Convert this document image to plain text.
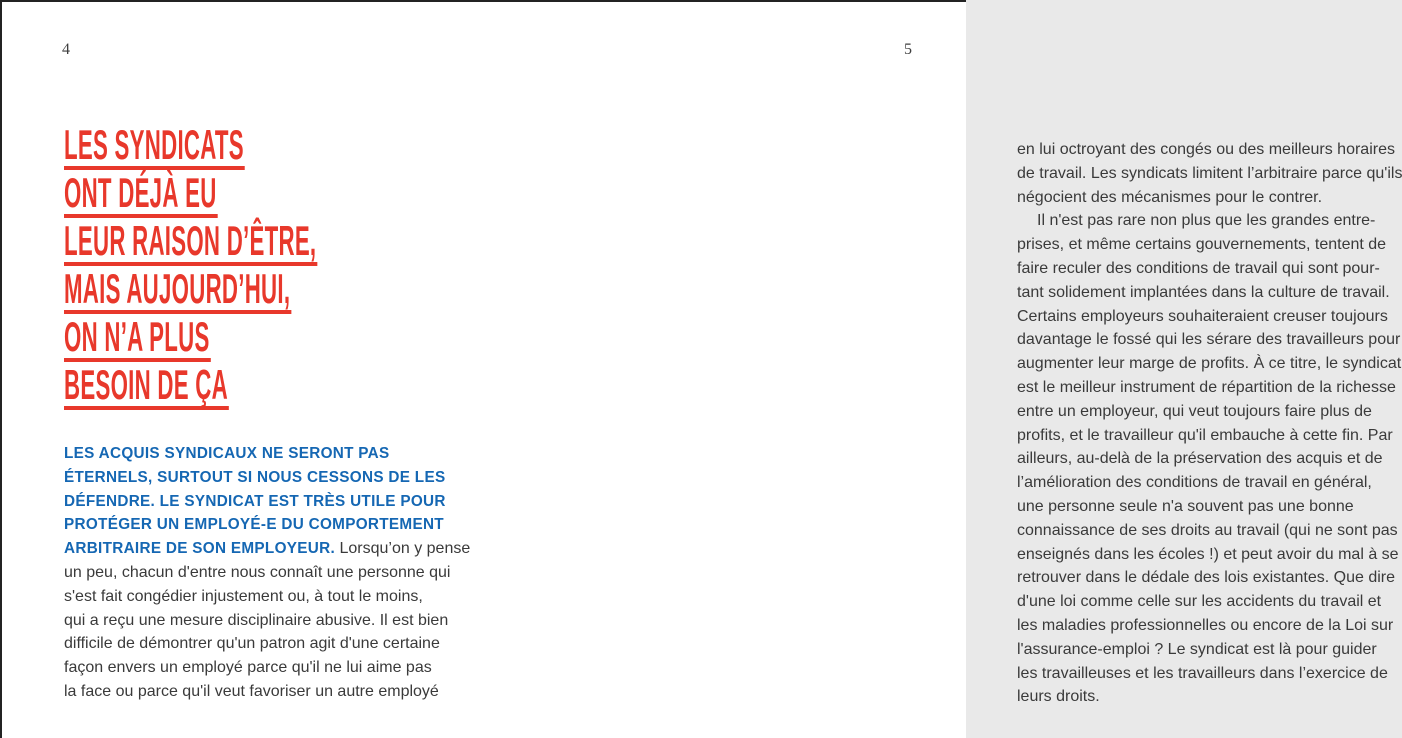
4
LES SYNDICATS
ONT DÉJÀ EU
LEUR RAISON D’ÊTRE,
MAIS AUJOURD’HUI,
ON N’A PLUS
BESOIN DE ÇA
LES ACQUIS SYNDICAUX NE SERONT PAS
ÉTERNELS, SURTOUT SI NOUS CESSONS DE LES
DÉFENDRE. LE SYNDICAT EST TRÈS UTILE POUR
PROTÉGER UN EMPLOYÉ-E DU COMPORTEMENT
ARBITRAIRE DE SON EMPLOYEUR. Lorsqu’on y pense
un peu, chacun d'entre nous connaît une personne qui
s'est fait congédier injustement ou, à tout le moins,
qui a reçu une mesure disciplinaire abusive. Il est bien
difficile de démontrer qu'un patron agit d'une certaine
façon envers un employé parce qu'il ne lui aime pas
la face ou parce qu'il veut favoriser un autre employé
5
en lui octroyant des congés ou des meilleurs horaires
de travail. Les syndicats limitent l’arbitraire parce qu'ils
négocient des mécanismes pour le contrer.
Il n'est pas rare non plus que les grandes entre-
prises, et même certains gouvernements, tentent de
faire reculer des conditions de travail qui sont pour-
tant solidement implantées dans la culture de travail.
Certains employeurs souhaiteraient creuser toujours
davantage le fossé qui les sérare des travailleurs pour
augmenter leur marge de profits. À ce titre, le syndicat
est le meilleur instrument de répartition de la richesse
entre un employeur, qui veut toujours faire plus de
profits, et le travailleur qu'il embauche à cette fin. Par
ailleurs, au-delà de la préservation des acquis et de
l’amélioration des conditions de travail en général,
une personne seule n'a souvent pas une bonne
connaissance de ses droits au travail (qui ne sont pas
enseignés dans les écoles !) et peut avoir du mal à se
retrouver dans le dédale des lois existantes. Que dire
d'une loi comme celle sur les accidents du travail et
les maladies professionnelles ou encore de la Loi sur
l'assurance-emploi ? Le syndicat est là pour guider
les travailleuses et les travailleurs dans l’exercice de
leurs droits.
